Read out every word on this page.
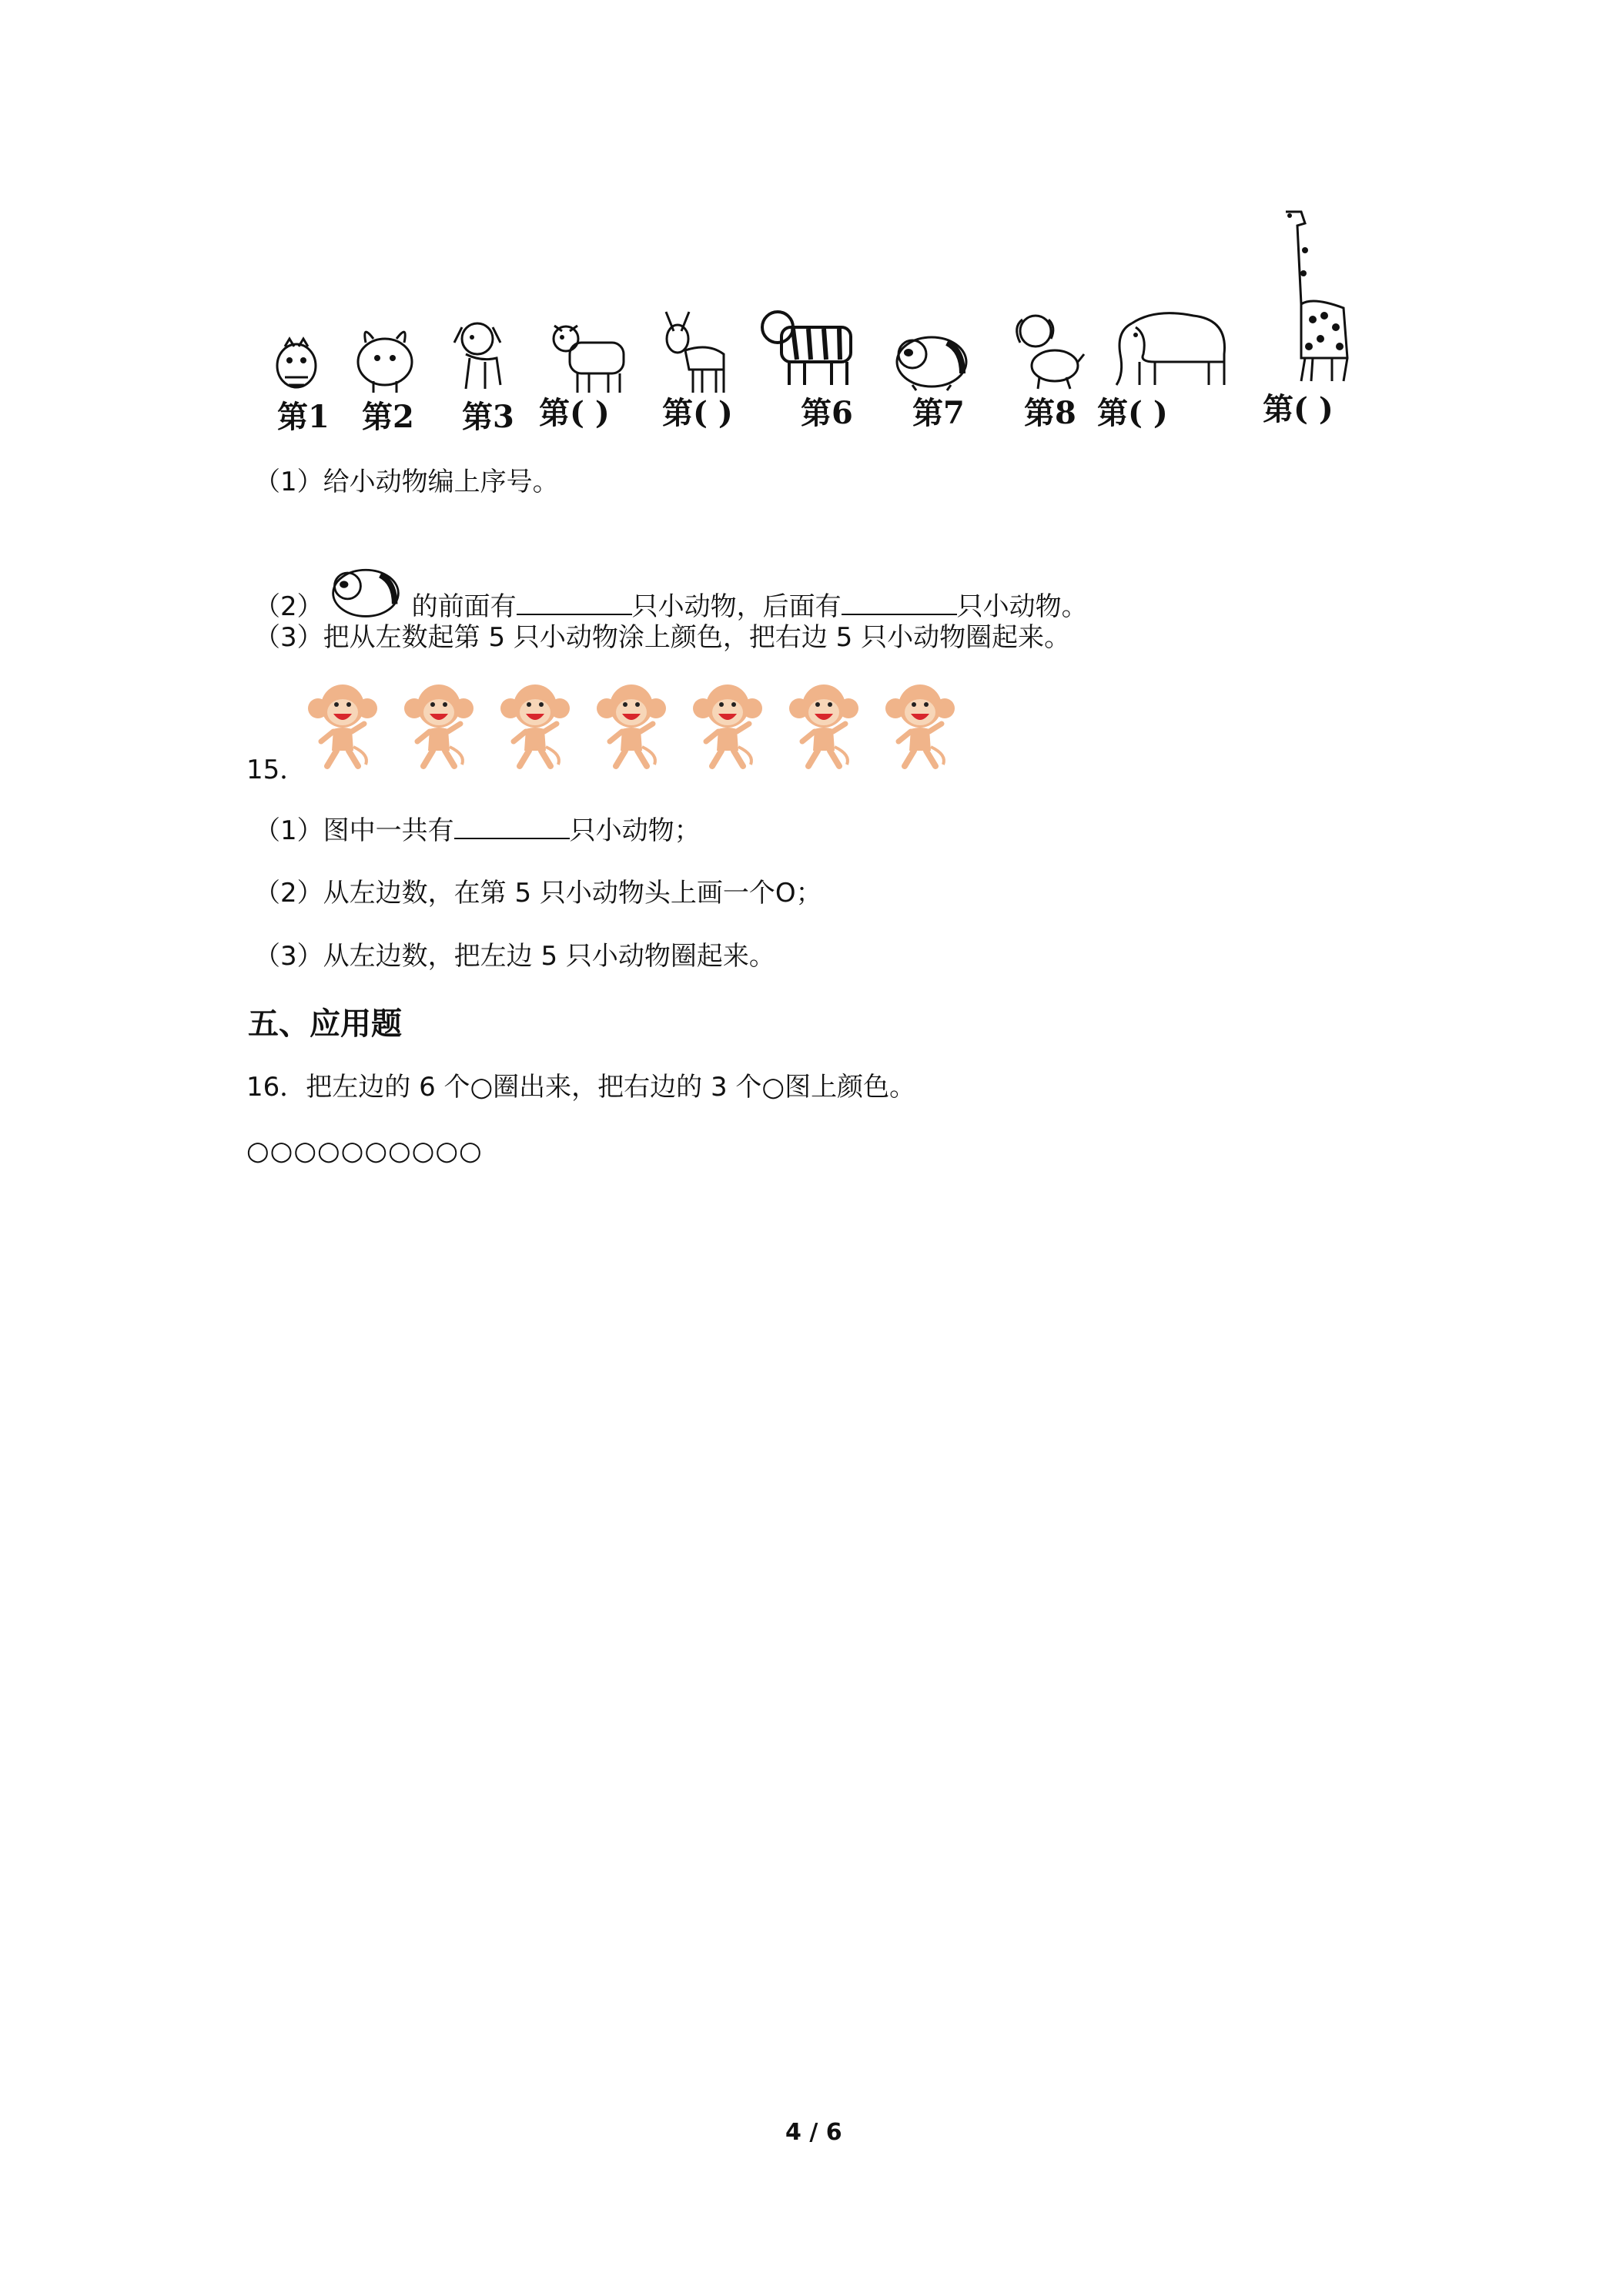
第1 第2 第3 第( ) 第( ) 第6 第7 第8 第( )	第( )
（1）给小动物编上序号。
（2）	的前面有	只小动物，后面有	只小动物。
（3）把从左数起第 5 只小动物涂上颜色，把右边 5 只小动物圈起来。
15．
（1）图中一共有	只小动物；
（2）从左边数，在第 5 只小动物头上画一个O；
（3）从左边数，把左边 5 只小动物圈起来。
五、应用题
16．把左边的 6 个○圈出来，把右边的 3 个○图上颜色。
○○○○○○○○○○
4 / 6
